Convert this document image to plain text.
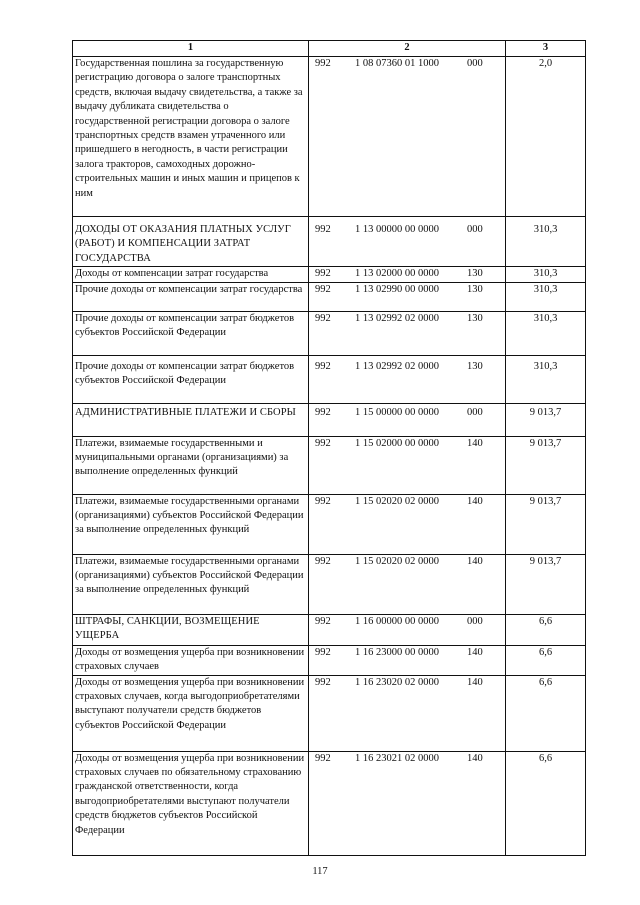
1	2	3
Государственная пошлина за государственную регистрацию договора о залоге транспортных средств, включая выдачу свидетельства, а также за выдачу дубликата свидетельства о государственной регистрации договора о залоге транспортных средств взамен утраченного или пришедшего в негодность, в части регистрации залога тракторов, самоходных дорожно- строительных машин и иных машин и прицепов к ним	992 1 08 07360 01 1000 000	2,0
ДОХОДЫ ОТ ОКАЗАНИЯ ПЛАТНЫХ УСЛУГ (РАБОТ) И КОМПЕНСАЦИИ ЗАТРАТ ГОСУДАРСТВА	992 1 13 00000 00 0000 000	310,3
Доходы от компенсации затрат государства	992 1 13 02000 00 0000 130	310,3
Прочие доходы от компенсации затрат государства	992 1 13 02990 00 0000 130	310,3
Прочие доходы от компенсации затрат бюджетов субъектов Российской Федерации	992 1 13 02992 02 0000 130	310,3
Прочие доходы от компенсации затрат бюджетов субъектов Российской Федерации	992 1 13 02992 02 0000 130	310,3
АДМИНИСТРАТИВНЫЕ ПЛАТЕЖИ И СБОРЫ	992 1 15 00000 00 0000 000	9 013,7
Платежи, взимаемые государственными и муниципальными органами (организациями) за выполнение определенных функций	992 1 15 02000 00 0000 140	9 013,7
Платежи, взимаемые государственными органами (организациями) субъектов Российской Федерации за выполнение определенных функций	992 1 15 02020 02 0000 140	9 013,7
Платежи, взимаемые государственными органами (организациями) субъектов Российской Федерации за выполнение определенных функций	992 1 15 02020 02 0000 140	9 013,7
ШТРАФЫ, САНКЦИИ, ВОЗМЕЩЕНИЕ УЩЕРБА	992 1 16 00000 00 0000 000	6,6
Доходы от возмещения ущерба при возникновении страховых случаев	992 1 16 23000 00 0000 140	6,6
Доходы от возмещения ущерба при возникновении страховых случаев, когда выгодоприобретателями выступают получатели средств бюджетов субъектов Российской Федерации	992 1 16 23020 02 0000 140	6,6
Доходы от возмещения ущерба при возникновении страховых случаев по обязательному страхованию гражданской ответственности, когда выгодоприобретателями выступают получатели средств бюджетов субъектов Российской Федерации	992 1 16 23021 02 0000 140	6,6
117
